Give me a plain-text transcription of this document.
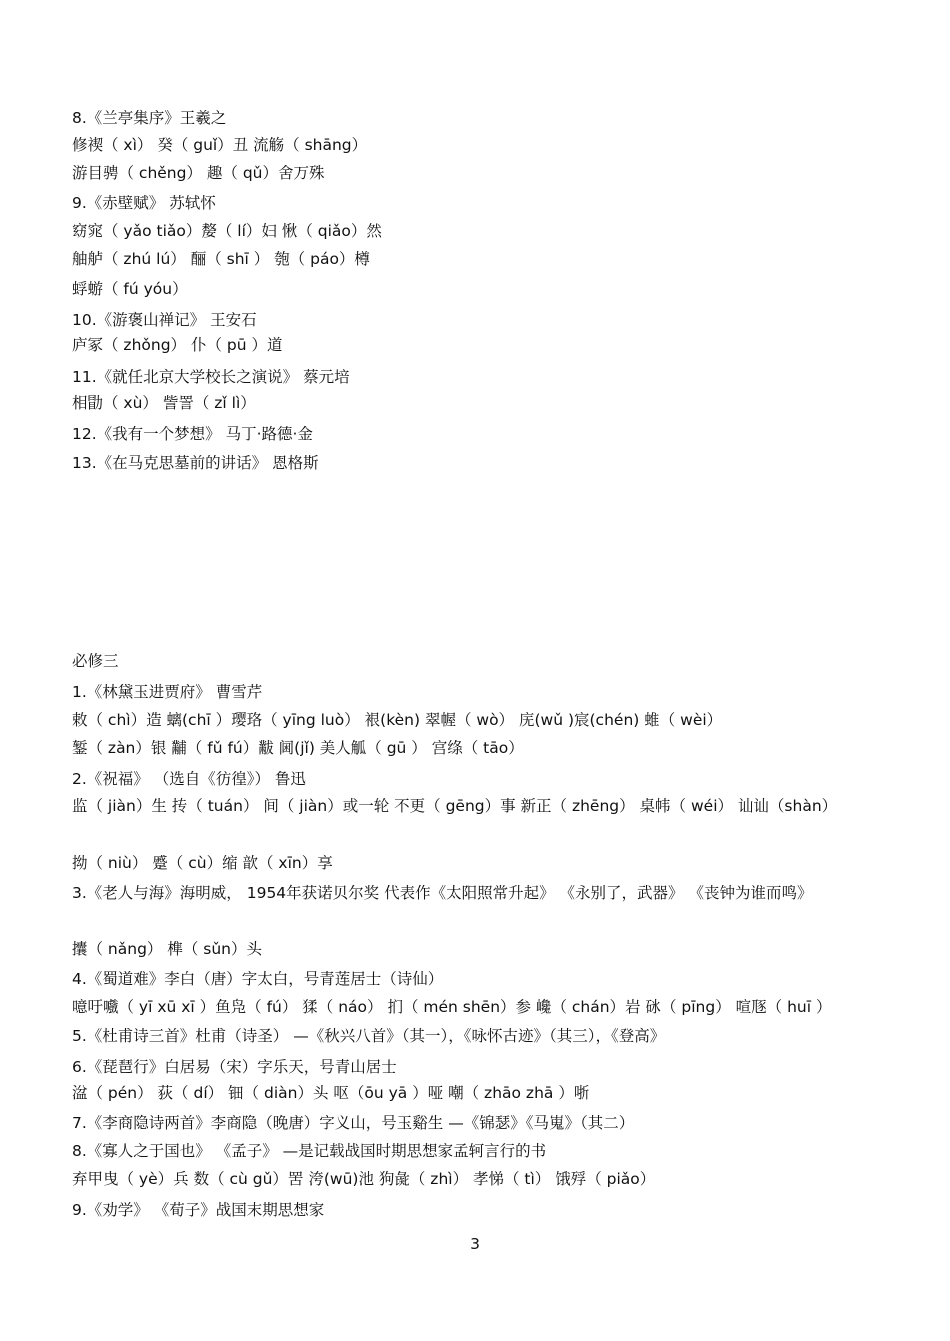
8.《兰亭集序》王羲之
修禊（ xì） 癸（ guǐ）丑 流觞（ shāng）
游目骋（ chěng） 趣（ qǔ）舍万殊
9.《赤壁赋》 苏轼怀
窈窕（ yǎo tiǎo）嫠（ lí）妇 愀（ qiǎo）然
舳舻（ zhú lú） 酾（ shī ） 匏（ páo）樽
蜉蝣（ fú yóu）
10.《游褒山禅记》 王安石
庐冢（ zhǒng） 仆（ pū ）道
11.《就任北京大学校长之演说》 蔡元培
相勖（ xù） 訾詈（ zǐ lì）
12.《我有一个梦想》 马丁·路德·金
13.《在马克思墓前的讲话》 恩格斯
必修三
1.《林黛玉进贾府》 曹雪芹
敕（ chì）造 螭(chī ）璎珞（ yīng luò） 裉(kèn) 翠幄（ wò） 庑(wǔ )宸(chén) 蜼（ wèi）
錾（ zàn）银 黼（ fǔ fú）黻 阃(jǐ) 美人觚（ gū ） 宫绦（ tāo）
2.《祝福》 （选自《彷徨》） 鲁迅
监（ jiàn）生 抟（ tuán） 间（ jiàn）或一轮 不更（ gēng）事 新正（ zhēng） 桌帏（ wéi） 讪讪（shàn）
拗（ niù） 蹙（ cù）缩 歆（ xīn）享
3.《老人与海》海明威， 1954年获诺贝尔奖 代表作《太阳照常升起》 《永别了，武器》 《丧钟为谁而鸣》
攮（ nǎng） 榫（ sǔn）头
4.《蜀道难》李白（唐）字太白，号青莲居士（诗仙）
噫吁嚱（ yī xū xī ）鱼凫（ fú） 猱（ náo） 扪（ mén shēn）参 巉（ chán）岩 砯（ pīng） 喧豗（ huī ）
5.《杜甫诗三首》杜甫（诗圣） —《秋兴八首》（其一），《咏怀古迹》（其三），《登高》
6.《琵琶行》白居易（宋）字乐天，号青山居士
湓（ pén） 荻（ dí） 钿（ diàn）头 呕（ōu yā ）哑 嘲（ zhāo zhā ）哳
7.《李商隐诗两首》李商隐（晚唐）字义山，号玉谿生 —《锦瑟》《马嵬》（其二）
8.《寡人之于国也》 《孟子》 —是记载战国时期思想家孟轲言行的书
弃甲曳（ yè）兵 数（ cù gǔ）罟 洿(wū)池 狗彘（ zhì） 孝悌（ tì） 饿殍（ piǎo）
9.《劝学》 《荀子》战国末期思想家
3
